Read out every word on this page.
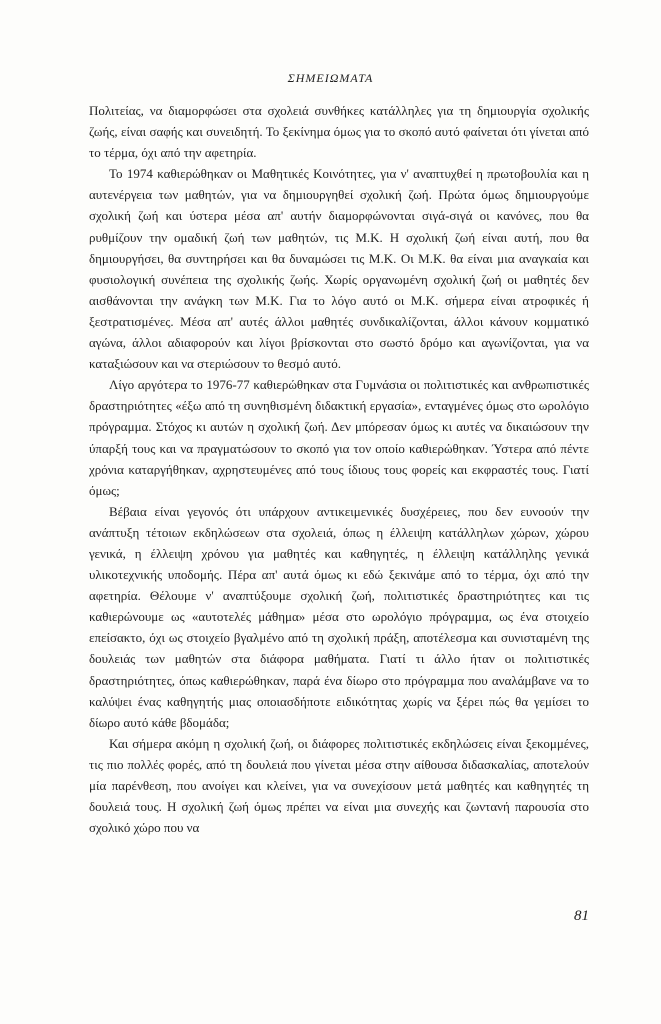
ΣΗΜΕΙΩΜΑΤΑ

Πολιτείας, να διαμορφώσει στα σχολειά συνθήκες κατάλληλες για τη δημιουργία σχολικής ζωής, είναι σαφής και συνειδητή. Το ξεκίνημα όμως για το σκοπό αυτό φαίνεται ότι γίνεται από το τέρμα, όχι από την αφετηρία.

Το 1974 καθιερώθηκαν οι Μαθητικές Κοινότητες, για ν' αναπτυχθεί η πρωτοβουλία και η αυτενέργεια των μαθητών, για να δημιουργηθεί σχολική ζωή. Πρώτα όμως δημιουργούμε σχολική ζωή και ύστερα μέσα απ' αυτήν διαμορφώνονται σιγά-σιγά οι κανόνες, που θα ρυθμίζουν την ομαδική ζωή των μαθητών, τις Μ.Κ. Η σχολική ζωή είναι αυτή, που θα δημιουργήσει, θα συντηρήσει και θα δυναμώσει τις Μ.Κ. Οι Μ.Κ. θα είναι μια αναγκαία και φυσιολογική συνέπεια της σχολικής ζωής. Χωρίς οργανωμένη σχολική ζωή οι μαθητές δεν αισθάνονται την ανάγκη των Μ.Κ. Για το λόγο αυτό οι Μ.Κ. σήμερα είναι ατροφικές ή ξεστρατισμένες. Μέσα απ' αυτές άλλοι μαθητές συνδικαλίζονται, άλλοι κάνουν κομματικό αγώνα, άλλοι αδιαφορούν και λίγοι βρίσκονται στο σωστό δρόμο και αγωνίζονται, για να καταξιώσουν και να στεριώσουν το θεσμό αυτό.

Λίγο αργότερα το 1976-77 καθιερώθηκαν στα Γυμνάσια οι πολιτιστικές και ανθρωπιστικές δραστηριότητες «έξω από τη συνηθισμένη διδακτική εργασία», ενταγμένες όμως στο ωρολόγιο πρόγραμμα. Στόχος κι αυτών η σχολική ζωή. Δεν μπόρεσαν όμως κι αυτές να δικαιώσουν την ύπαρξή τους και να πραγματώσουν το σκοπό για τον οποίο καθιερώθηκαν. Ύστερα από πέντε χρόνια καταργήθηκαν, αχρηστευμένες από τους ίδιους τους φορείς και εκφραστές τους. Γιατί όμως;

Βέβαια είναι γεγονός ότι υπάρχουν αντικειμενικές δυσχέρειες, που δεν ευνοούν την ανάπτυξη τέτοιων εκδηλώσεων στα σχολειά, όπως η έλλειψη κατάλληλων χώρων, χώρου γενικά, η έλλειψη χρόνου για μαθητές και καθηγητές, η έλλειψη κατάλληλης γενικά υλικοτεχνικής υποδομής. Πέρα απ' αυτά όμως κι εδώ ξεκινάμε από το τέρμα, όχι από την αφετηρία. Θέλουμε ν' αναπτύξουμε σχολική ζωή, πολιτιστικές δραστηριότητες και τις καθιερώνουμε ως «αυτοτελές μάθημα» μέσα στο ωρολόγιο πρόγραμμα, ως ένα στοιχείο επείσακτο, όχι ως στοιχείο βγαλμένο από τη σχολική πράξη, αποτέλεσμα και συνισταμένη της δουλειάς των μαθητών στα διάφορα μαθήματα. Γιατί τι άλλο ήταν οι πολιτιστικές δραστηριότητες, όπως καθιερώθηκαν, παρά ένα δίωρο στο πρόγραμμα που αναλάμβανε να το καλύψει ένας καθηγητής μιας οποιασδήποτε ειδικότητας χωρίς να ξέρει πώς θα γεμίσει το δίωρο αυτό κάθε βδομάδα;

Και σήμερα ακόμη η σχολική ζωή, οι διάφορες πολιτιστικές εκδηλώσεις είναι ξεκομμένες, τις πιο πολλές φορές, από τη δουλειά που γίνεται μέσα στην αίθουσα διδασκαλίας, αποτελούν μία παρένθεση, που ανοίγει και κλείνει, για να συνεχίσουν μετά μαθητές και καθηγητές τη δουλειά τους. Η σχολική ζωή όμως πρέπει να είναι μια συνεχής και ζωντανή παρουσία στο σχολικό χώρο που να

81
